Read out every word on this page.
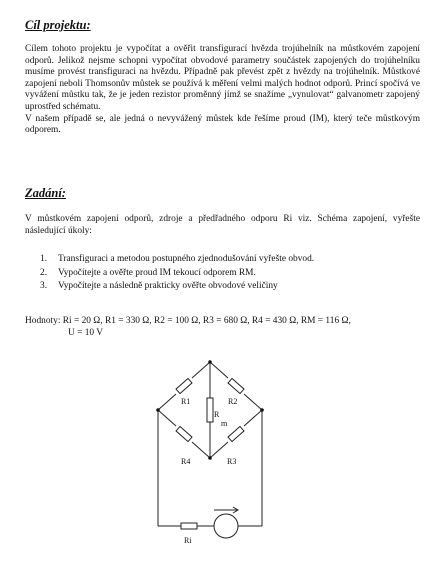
Cíl projektu:

Cílem tohoto projektu je vypočítat a ověřit transfigurací hvězda trojúhelník na můstkovém zapojení odporů. Jelikož nejsme schopni vypočítat obvodové parametry součástek zapojených do trojúhelníku musíme provést transfiguraci na hvězdu. Případně pak převést zpět z hvězdy na trojúhelník. Můstkové zapojení neboli Thomsonův můstek se používá k měření velmi malých hodnot odporů. Princí spočívá ve vyvážení můstku tak, že je jeden rezistor proměnný jímž se snažíme „vynulovat“ galvanometr zapojený uprostřed schématu.

V našem případě se, ale jedná o nevyvážený můstek kde řešíme proud (IM), který teče můstkovým odporem.

Zadání:

V můstkovém zapojení odporů, zdroje a předřadného odporu Ri viz. Schéma zapojení, vyřešte následující úkoly:

1.	Transfiguraci a metodou postupného zjednodušování vyřešte obvod.
2.	Vypočítejte a ověřte proud IM tekoucí odporem RM.
3.	Vypočítejte a následně prakticky ověřte obvodové veličiny
Hodnoty: Ri = 20 Ω, R1 = 330 Ω, R2 = 100 Ω, R3 = 680 Ω, R4 = 430 Ω, RM = 116 Ω,
U = 10 V
R1	R2
R
m
R4	R3
Ri
